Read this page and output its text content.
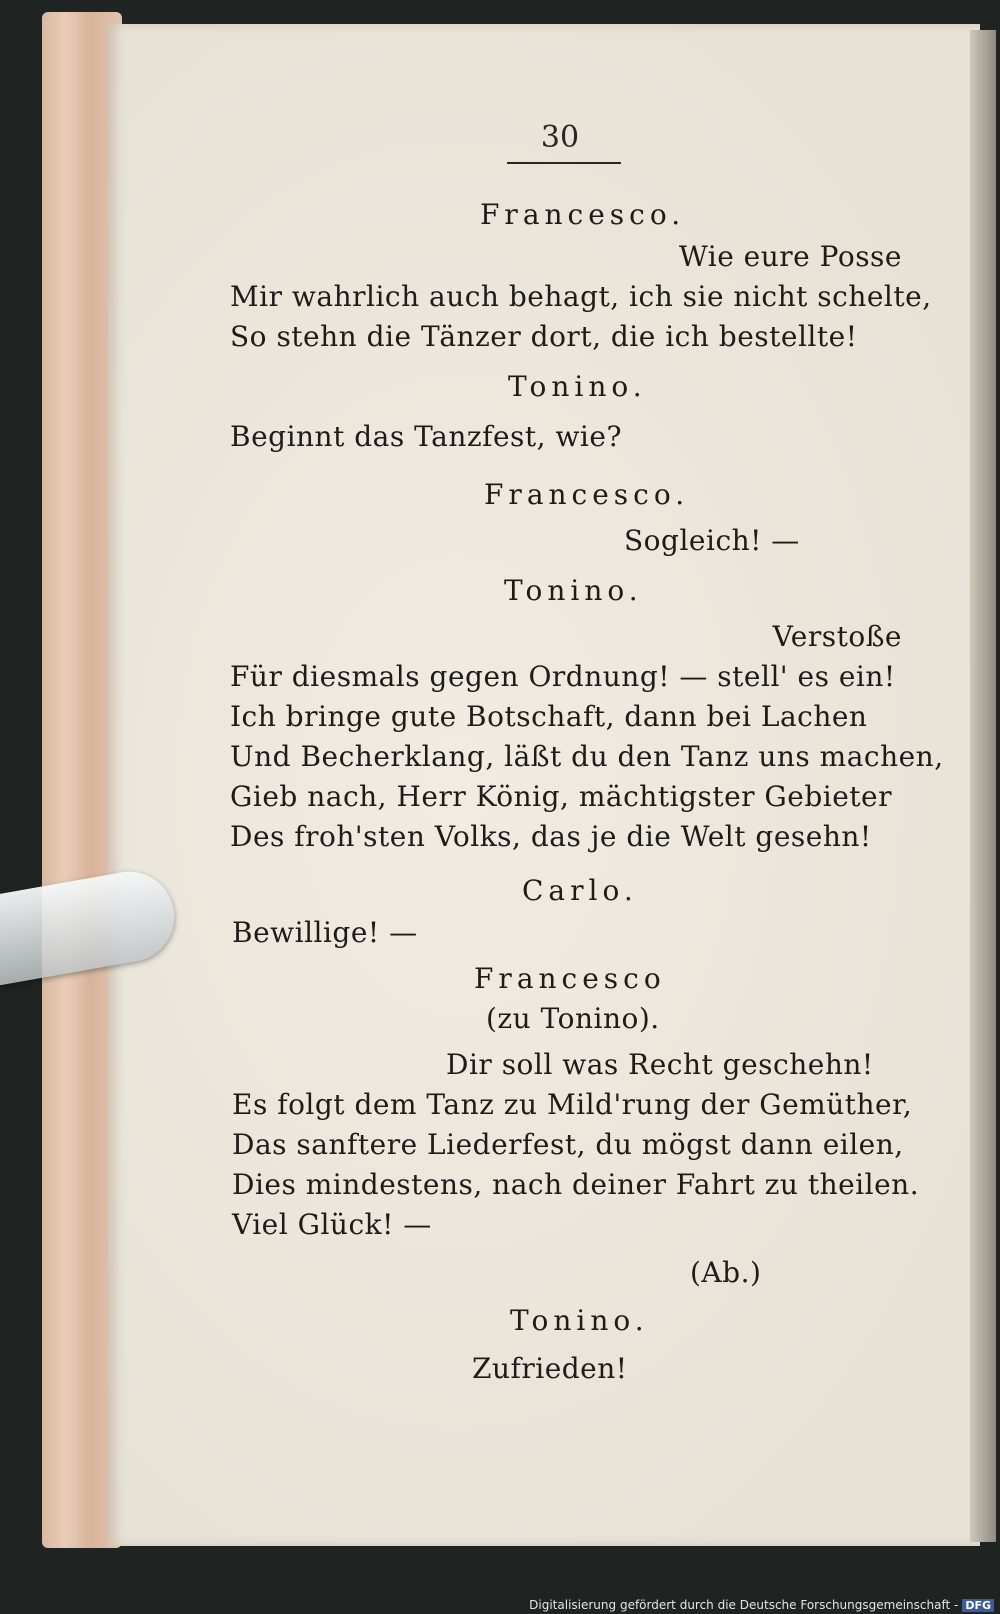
30
Francesco.
Wie eure Posse
Mir wahrlich auch behagt, ich sie nicht schelte,
So stehn die Tänzer dort, die ich bestellte!
Tonino.
Beginnt das Tanzfest, wie?
Francesco.
Sogleich! —
Tonino.
Verstoße
Für diesmals gegen Ordnung! — stell' es ein!
Ich bringe gute Botschaft, dann bei Lachen
Und Becherklang, läßt du den Tanz uns machen,
Gieb nach, Herr König, mächtigster Gebieter
Des froh'sten Volks, das je die Welt gesehn!
Carlo.
Bewillige! —
Francesco
(zu Tonino).
Dir soll was Recht geschehn!
Es folgt dem Tanz zu Mild'rung der Gemüther,
Das sanftere Liederfest, du mögst dann eilen,
Dies mindestens, nach deiner Fahrt zu theilen.
Viel Glück! —
(Ab.)
Tonino.
Zufrieden!
Digitalisierung gefördert durch die Deutsche Forschungsgemeinschaft - DFG
